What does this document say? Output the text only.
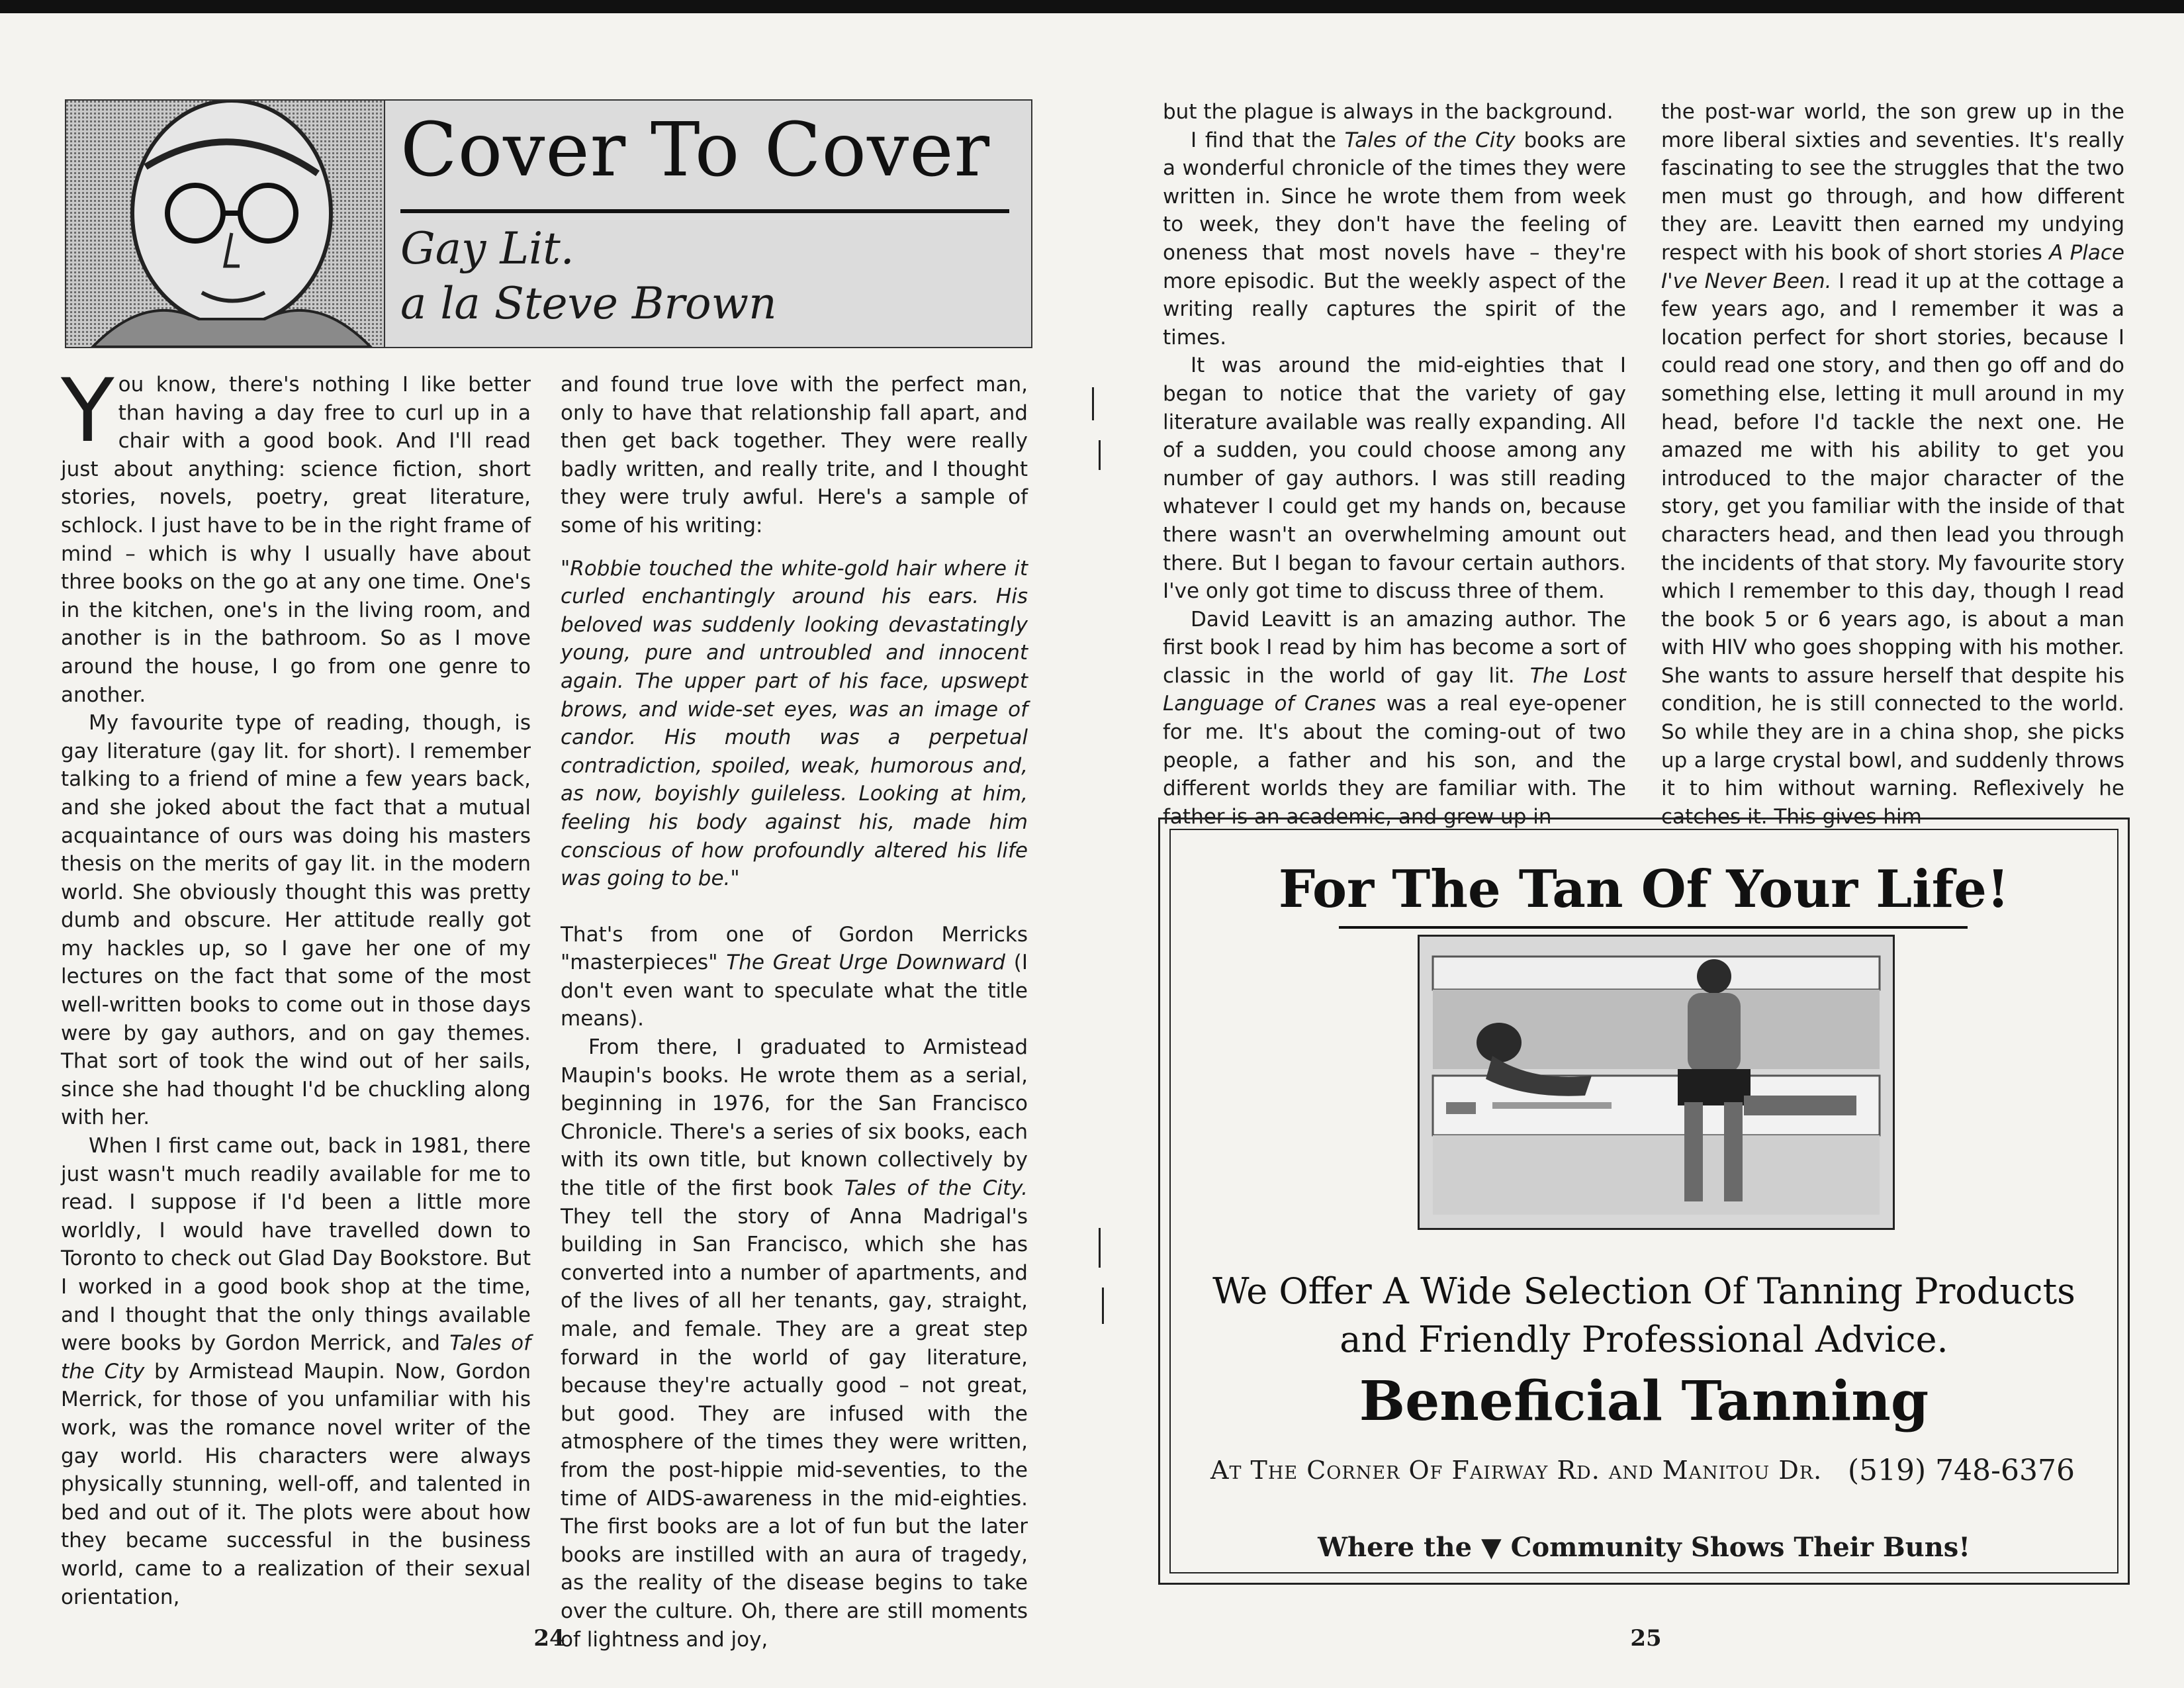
Cover To Cover
Gay Lit.
a la Steve Brown

You know, there's nothing I like better than having a day free to curl up in a chair with a good book. And I'll read just about anything: science fiction, short stories, novels, poetry, great literature, schlock. I just have to be in the right frame of mind – which is why I usually have about three books on the go at any one time. One's in the kitchen, one's in the living room, and another is in the bathroom. So as I move around the house, I go from one genre to another.

My favourite type of reading, though, is gay literature (gay lit. for short). I remember talking to a friend of mine a few years back, and she joked about the fact that a mutual acquaintance of ours was doing his masters thesis on the merits of gay lit. in the modern world. She obviously thought this was pretty dumb and obscure. Her attitude really got my hackles up, so I gave her one of my lectures on the fact that some of the most well-written books to come out in those days were by gay authors, and on gay themes. That sort of took the wind out of her sails, since she had thought I'd be chuckling along with her.

When I first came out, back in 1981, there just wasn't much readily available for me to read. I suppose if I'd been a little more worldly, I would have travelled down to Toronto to check out Glad Day Bookstore. But I worked in a good book shop at the time, and I thought that the only things available were books by Gordon Merrick, and Tales of the City by Armistead Maupin. Now, Gordon Merrick, for those of you unfamiliar with his work, was the romance novel writer of the gay world. His characters were always physically stunning, well-off, and talented in bed and out of it. The plots were about how they became successful in the business world, came to a realization of their sexual orientation,

and found true love with the perfect man, only to have that relationship fall apart, and then get back together. They were really badly written, and really trite, and I thought they were truly awful. Here's a sample of some of his writing:

"Robbie touched the white-gold hair where it curled enchantingly around his ears. His beloved was suddenly looking devastatingly young, pure and untroubled and innocent again. The upper part of his face, upswept brows, and wide-set eyes, was an image of candor. His mouth was a perpetual contradiction, spoiled, weak, humorous and, as now, boyishly guileless. Looking at him, feeling his body against his, made him conscious of how profoundly altered his life was going to be."

That's from one of Gordon Merricks "masterpieces" The Great Urge Downward (I don't even want to speculate what the title means).

From there, I graduated to Armistead Maupin's books. He wrote them as a serial, beginning in 1976, for the San Francisco Chronicle. There's a series of six books, each with its own title, but known collectively by the title of the first book Tales of the City. They tell the story of Anna Madrigal's building in San Francisco, which she has converted into a number of apartments, and of the lives of all her tenants, gay, straight, male, and female. They are a great step forward in the world of gay literature, because they're actually good – not great, but good. They are infused with the atmosphere of the times they were written, from the post-hippie mid-seventies, to the time of AIDS-awareness in the mid-eighties. The first books are a lot of fun but the later books are instilled with an aura of tragedy, as the reality of the disease begins to take over the culture. Oh, there are still moments of lightness and joy,

24

but the plague is always in the background.

I find that the Tales of the City books are a wonderful chronicle of the times they were written in. Since he wrote them from week to week, they don't have the feeling of oneness that most novels have – they're more episodic. But the weekly aspect of the writing really captures the spirit of the times.

It was around the mid-eighties that I began to notice that the variety of gay literature available was really expanding. All of a sudden, you could choose among any number of gay authors. I was still reading whatever I could get my hands on, because there wasn't an overwhelming amount out there. But I began to favour certain authors. I've only got time to discuss three of them.

David Leavitt is an amazing author. The first book I read by him has become a sort of classic in the world of gay lit. The Lost Language of Cranes was a real eye-opener for me. It's about the coming-out of two people, a father and his son, and the different worlds they are familiar with. The father is an academic, and grew up in

the post-war world, the son grew up in the more liberal sixties and seventies. It's really fascinating to see the struggles that the two men must go through, and how different they are. Leavitt then earned my undying respect with his book of short stories A Place I've Never Been. I read it up at the cottage a few years ago, and I remember it was a location perfect for short stories, because I could read one story, and then go off and do something else, letting it mull around in my head, before I'd tackle the next one. He amazed me with his ability to get you introduced to the major character of the story, get you familiar with the inside of that characters head, and then lead you through the incidents of that story. My favourite story which I remember to this day, though I read the book 5 or 6 years ago, is about a man with HIV who goes shopping with his mother. She wants to assure herself that despite his condition, he is still connected to the world. So while they are in a china shop, she picks up a large crystal bowl, and suddenly throws it to him without warning. Reflexively he catches it. This gives him

For The Tan Of Your Life!
We Offer A Wide Selection Of Tanning Products
and Friendly Professional Advice.
Beneficial Tanning
At The Corner Of Fairway Rd. and Manitou Dr. (519) 748-6376
Where the ▼ Community Shows Their Buns!
25
